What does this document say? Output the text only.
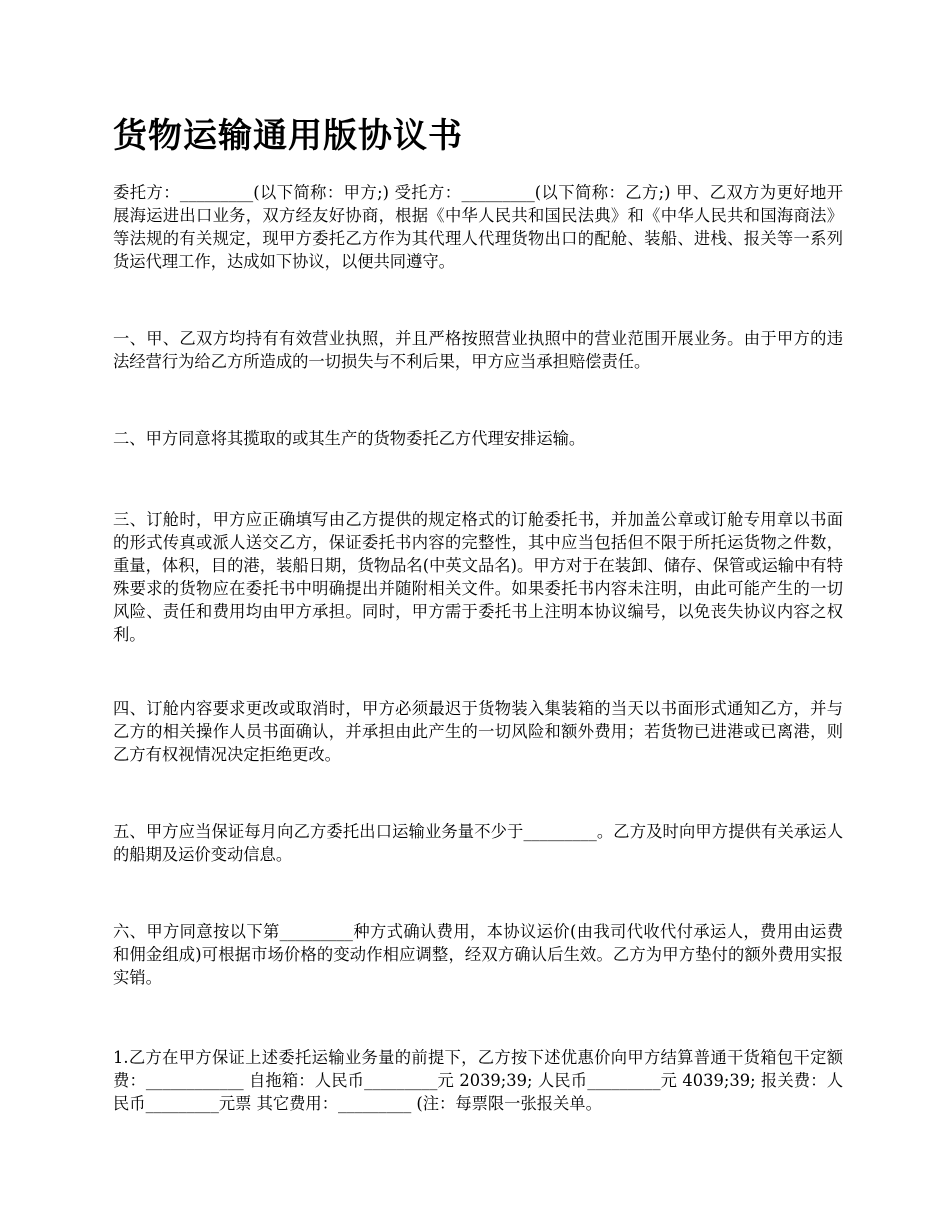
货物运输通用版协议书

委托方：_________(以下简称：甲方;) 受托方：_________(以下简称：乙方;) 甲、乙双方为更好地开展海运进出口业务，双方经友好协商，根据《中华人民共和国民法典》和《中华人民共和国海商法》等法规的有关规定，现甲方委托乙方作为其代理人代理货物出口的配舱、装船、进栈、报关等一系列货运代理工作，达成如下协议，以便共同遵守。

一、甲、乙双方均持有有效营业执照，并且严格按照营业执照中的营业范围开展业务。由于甲方的违法经营行为给乙方所造成的一切损失与不利后果，甲方应当承担赔偿责任。

二、甲方同意将其揽取的或其生产的货物委托乙方代理安排运输。

三、订舱时，甲方应正确填写由乙方提供的规定格式的订舱委托书，并加盖公章或订舱专用章以书面的形式传真或派人送交乙方，保证委托书内容的完整性，其中应当包括但不限于所托运货物之件数，重量，体积，目的港，装船日期，货物品名(中英文品名)。甲方对于在装卸、储存、保管或运输中有特殊要求的货物应在委托书中明确提出并随附相关文件。如果委托书内容未注明，由此可能产生的一切风险、责任和费用均由甲方承担。同时，甲方需于委托书上注明本协议编号，以免丧失协议内容之权利。

四、订舱内容要求更改或取消时，甲方必须最迟于货物装入集装箱的当天以书面形式通知乙方，并与乙方的相关操作人员书面确认，并承担由此产生的一切风险和额外费用；若货物已进港或已离港，则乙方有权视情况决定拒绝更改。

五、甲方应当保证每月向乙方委托出口运输业务量不少于_________。乙方及时向甲方提供有关承运人的船期及运价变动信息。

六、甲方同意按以下第_________种方式确认费用，本协议运价(由我司代收代付承运人，费用由运费和佣金组成)可根据市场价格的变动作相应调整，经双方确认后生效。乙方为甲方垫付的额外费用实报实销。

1.乙方在甲方保证上述委托运输业务量的前提下，乙方按下述优惠价向甲方结算普通干货箱包干定额费：____________ 自拖箱：人民币_________元 2039;39; 人民币_________元 4039;39; 报关费：人民币_________元票 其它费用：_________ (注：每票限一张报关单。
